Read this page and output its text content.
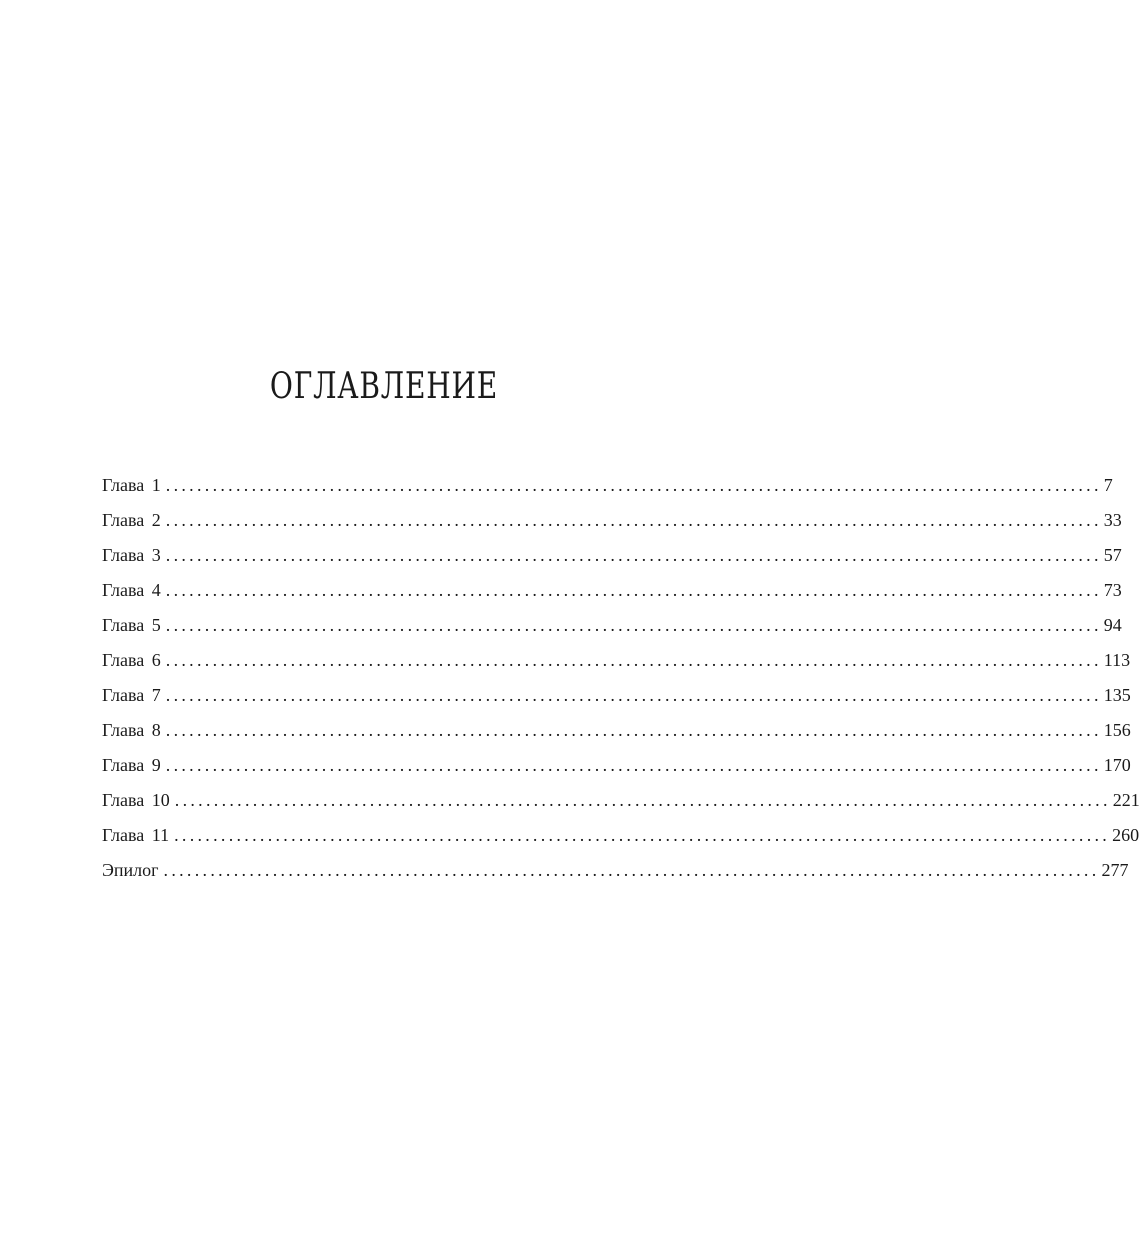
ОГЛАВЛЕНИЕ
Глава 1 ........................................................................................................................ 7
Глава 2 ........................................................................................................................ 33
Глава 3 ........................................................................................................................ 57
Глава 4 ........................................................................................................................ 73
Глава 5 ........................................................................................................................ 94
Глава 6 ........................................................................................................................ 113
Глава 7 ........................................................................................................................ 135
Глава 8 ........................................................................................................................ 156
Глава 9 ........................................................................................................................ 170
Глава 10 ........................................................................................................................ 221
Глава 11 ........................................................................................................................ 260
Эпилог ........................................................................................................................ 277
